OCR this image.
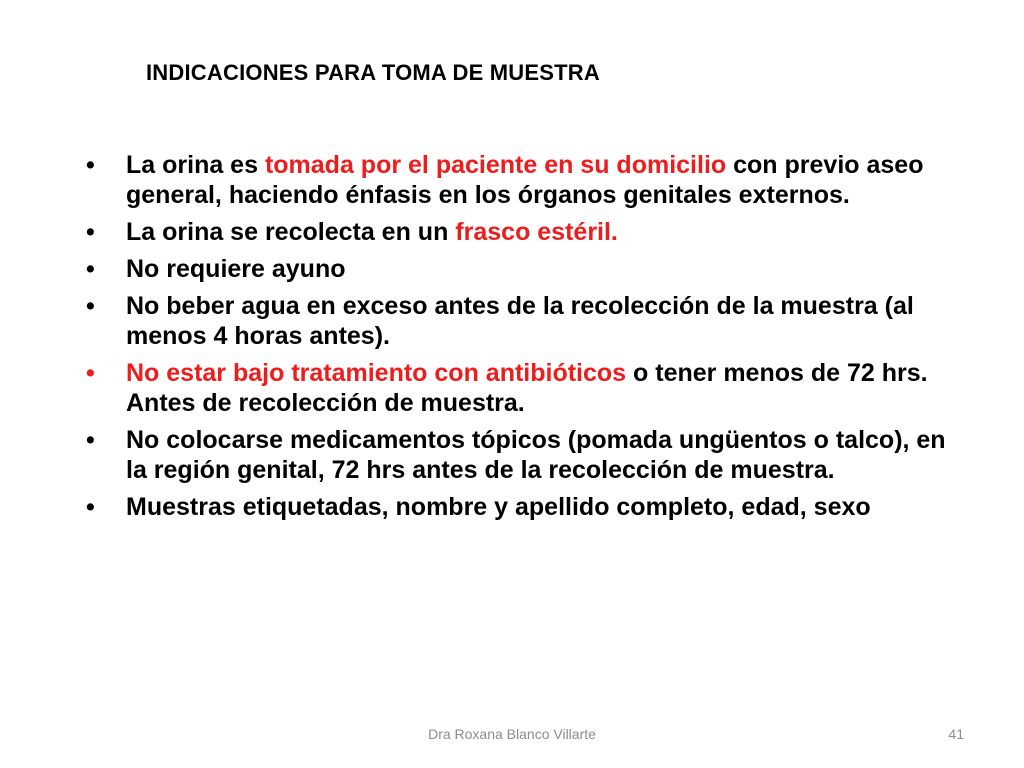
INDICACIONES PARA TOMA DE MUESTRA
•	La orina es tomada por el paciente en su domicilio con previo aseo general, haciendo énfasis en los órganos genitales externos.
•	La orina se recolecta en un frasco estéril.
•	No requiere ayuno
•	No beber agua en exceso antes de la recolección de la muestra (al menos 4 horas antes).
•	No estar bajo tratamiento con antibióticos o tener menos de 72 hrs. Antes de recolección de muestra.
•	No colocarse medicamentos tópicos (pomada ungüentos o talco), en la región genital, 72 hrs antes de la recolección de muestra.
•	Muestras etiquetadas, nombre y apellido completo, edad, sexo

Dra Roxana Blanco Villarte	41
